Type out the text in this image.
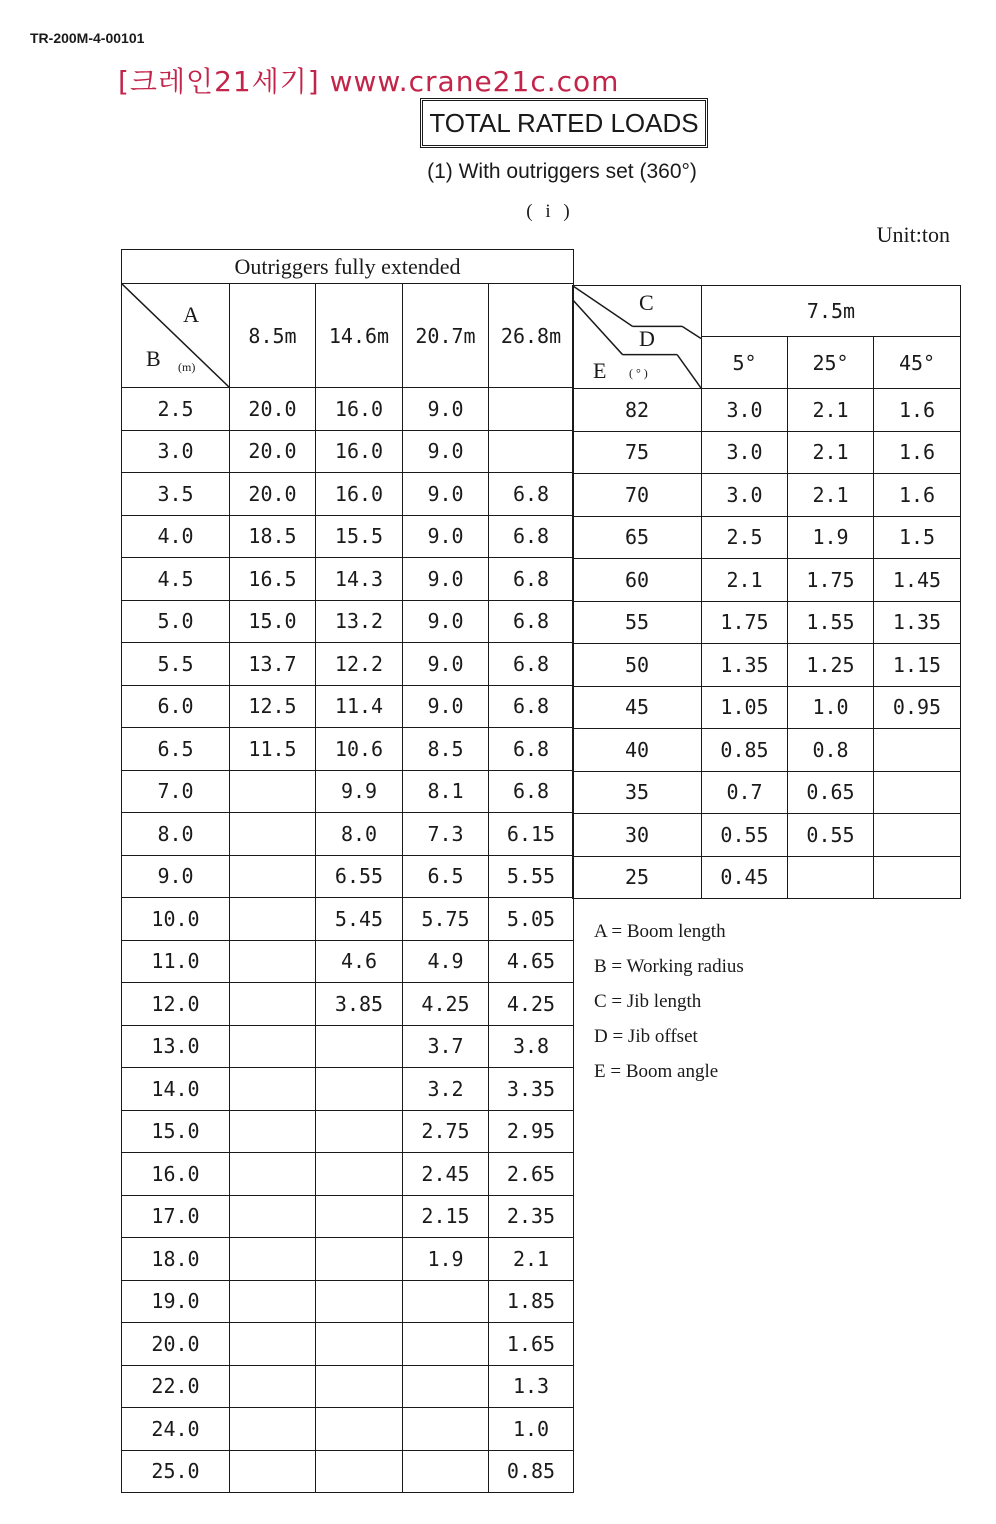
TR-200M-4-00101
[크레인21세기] www.crane21c.com
TOTAL RATED LOADS
(1) With outriggers set (360°)
( i )
Unit:ton
Outriggers fully extended				

A
B (m)	8.5m	14.6m	20.7m	26.8m
2.5	20.0	16.0	9.0	
3.0	20.0	16.0	9.0	
3.5	20.0	16.0	9.0	6.8
4.0	18.5	15.5	9.0	6.8
4.5	16.5	14.3	9.0	6.8
5.0	15.0	13.2	9.0	6.8
5.5	13.7	12.2	9.0	6.8
6.0	12.5	11.4	9.0	6.8
6.5	11.5	10.6	8.5	6.8
7.0		9.9	8.1	6.8
8.0		8.0	7.3	6.15
9.0		6.55	6.5	5.55
10.0		5.45	5.75	5.05
11.0		4.6	4.9	4.65
12.0		3.85	4.25	4.25
13.0			3.7	3.8
14.0			3.2	3.35
15.0			2.75	2.95
16.0			2.45	2.65
17.0			2.15	2.35
18.0			1.9	2.1
19.0				1.85
20.0				1.65
22.0				1.3
24.0				1.0
25.0				0.85
C
D
E ( ° )	7.5m		
	5°	25°	45°
82	3.0	2.1	1.6
75	3.0	2.1	1.6
70	3.0	2.1	1.6
65	2.5	1.9	1.5
60	2.1	1.75	1.45
55	1.75	1.55	1.35
50	1.35	1.25	1.15
45	1.05	1.0	0.95
40	0.85	0.8	
35	0.7	0.65	
30	0.55	0.55	
25	0.45		
A = Boom length
B = Working radius
C = Jib length
D = Jib offset
E = Boom angle
